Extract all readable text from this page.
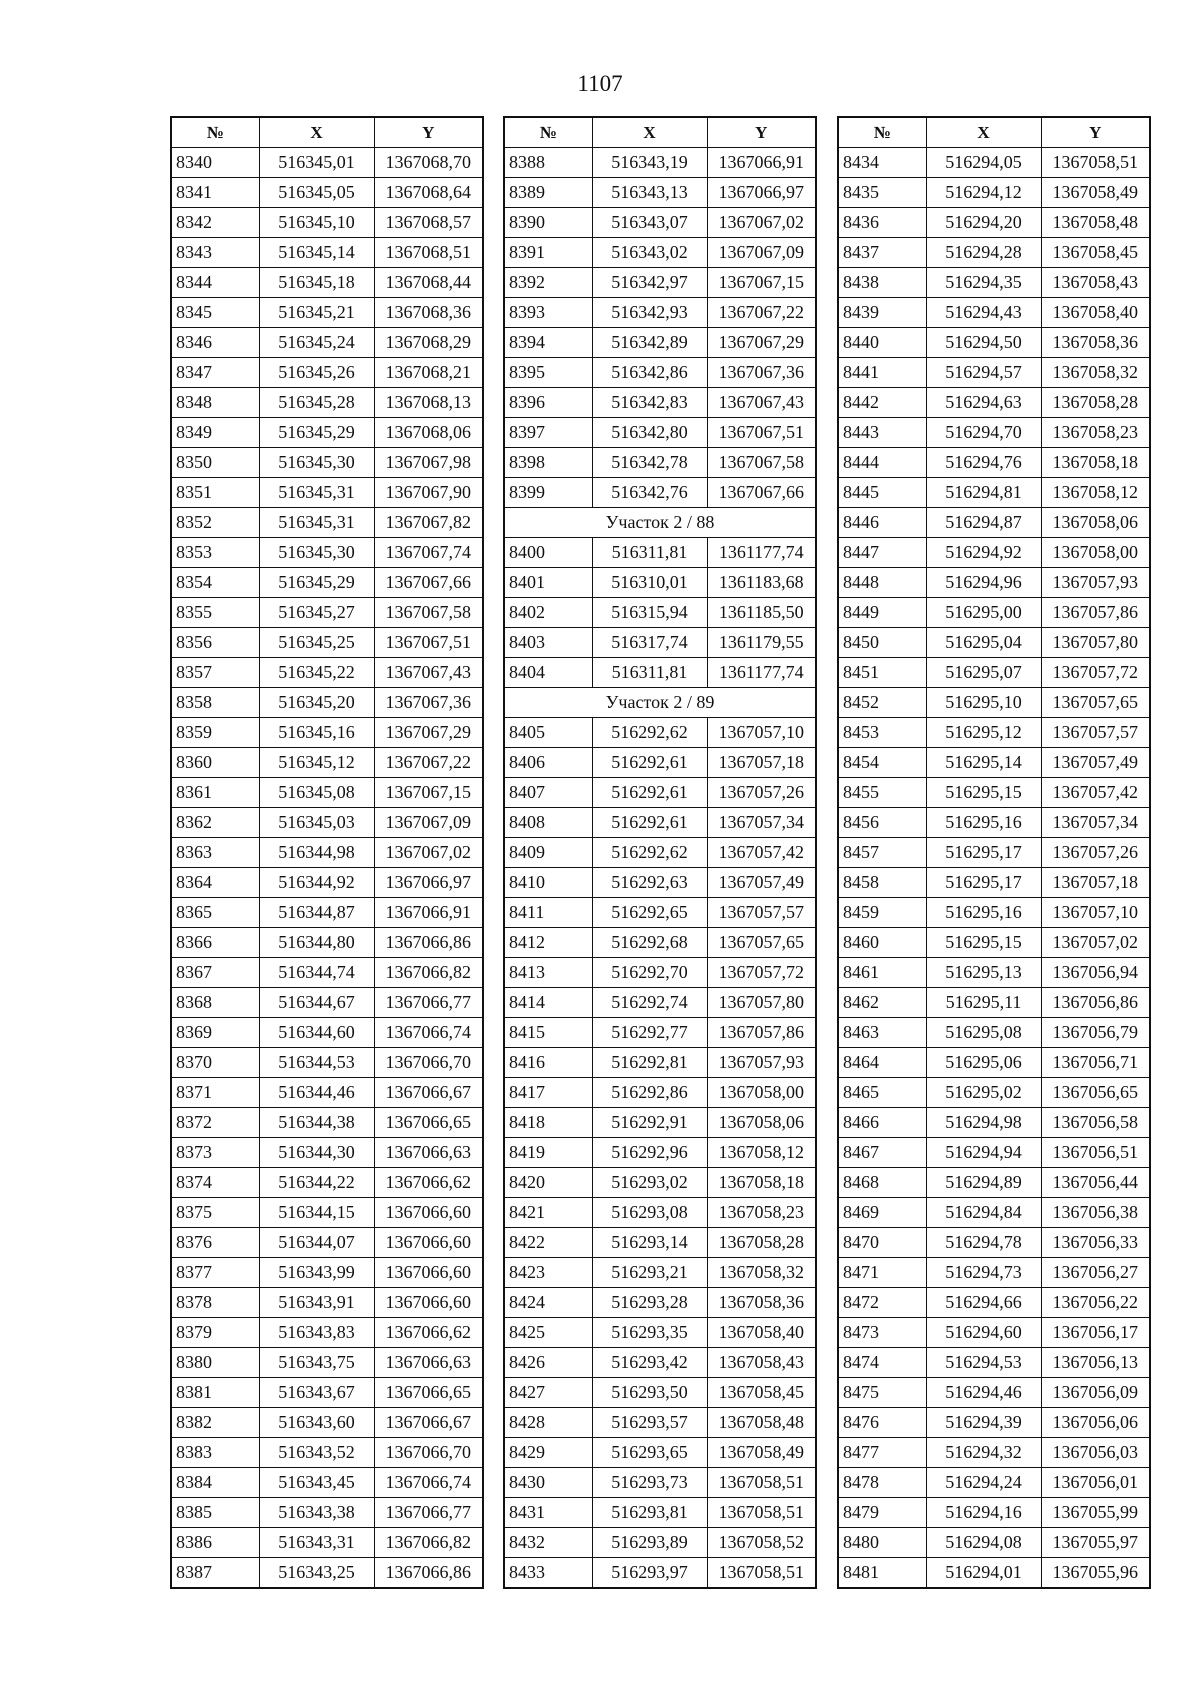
1107
№	X	Y
8340	516345,01	1367068,70
8341	516345,05	1367068,64
8342	516345,10	1367068,57
8343	516345,14	1367068,51
8344	516345,18	1367068,44
8345	516345,21	1367068,36
8346	516345,24	1367068,29
8347	516345,26	1367068,21
8348	516345,28	1367068,13
8349	516345,29	1367068,06
8350	516345,30	1367067,98
8351	516345,31	1367067,90
8352	516345,31	1367067,82
8353	516345,30	1367067,74
8354	516345,29	1367067,66
8355	516345,27	1367067,58
8356	516345,25	1367067,51
8357	516345,22	1367067,43
8358	516345,20	1367067,36
8359	516345,16	1367067,29
8360	516345,12	1367067,22
8361	516345,08	1367067,15
8362	516345,03	1367067,09
8363	516344,98	1367067,02
8364	516344,92	1367066,97
8365	516344,87	1367066,91
8366	516344,80	1367066,86
8367	516344,74	1367066,82
8368	516344,67	1367066,77
8369	516344,60	1367066,74
8370	516344,53	1367066,70
8371	516344,46	1367066,67
8372	516344,38	1367066,65
8373	516344,30	1367066,63
8374	516344,22	1367066,62
8375	516344,15	1367066,60
8376	516344,07	1367066,60
8377	516343,99	1367066,60
8378	516343,91	1367066,60
8379	516343,83	1367066,62
8380	516343,75	1367066,63
8381	516343,67	1367066,65
8382	516343,60	1367066,67
8383	516343,52	1367066,70
8384	516343,45	1367066,74
8385	516343,38	1367066,77
8386	516343,31	1367066,82
8387	516343,25	1367066,86
№	X	Y
8388	516343,19	1367066,91
8389	516343,13	1367066,97
8390	516343,07	1367067,02
8391	516343,02	1367067,09
8392	516342,97	1367067,15
8393	516342,93	1367067,22
8394	516342,89	1367067,29
8395	516342,86	1367067,36
8396	516342,83	1367067,43
8397	516342,80	1367067,51
8398	516342,78	1367067,58
8399	516342,76	1367067,66
Участок 2 / 88		
8400	516311,81	1361177,74
8401	516310,01	1361183,68
8402	516315,94	1361185,50
8403	516317,74	1361179,55
8404	516311,81	1361177,74
Участок 2 / 89		
8405	516292,62	1367057,10
8406	516292,61	1367057,18
8407	516292,61	1367057,26
8408	516292,61	1367057,34
8409	516292,62	1367057,42
8410	516292,63	1367057,49
8411	516292,65	1367057,57
8412	516292,68	1367057,65
8413	516292,70	1367057,72
8414	516292,74	1367057,80
8415	516292,77	1367057,86
8416	516292,81	1367057,93
8417	516292,86	1367058,00
8418	516292,91	1367058,06
8419	516292,96	1367058,12
8420	516293,02	1367058,18
8421	516293,08	1367058,23
8422	516293,14	1367058,28
8423	516293,21	1367058,32
8424	516293,28	1367058,36
8425	516293,35	1367058,40
8426	516293,42	1367058,43
8427	516293,50	1367058,45
8428	516293,57	1367058,48
8429	516293,65	1367058,49
8430	516293,73	1367058,51
8431	516293,81	1367058,51
8432	516293,89	1367058,52
8433	516293,97	1367058,51
№	X	Y
8434	516294,05	1367058,51
8435	516294,12	1367058,49
8436	516294,20	1367058,48
8437	516294,28	1367058,45
8438	516294,35	1367058,43
8439	516294,43	1367058,40
8440	516294,50	1367058,36
8441	516294,57	1367058,32
8442	516294,63	1367058,28
8443	516294,70	1367058,23
8444	516294,76	1367058,18
8445	516294,81	1367058,12
8446	516294,87	1367058,06
8447	516294,92	1367058,00
8448	516294,96	1367057,93
8449	516295,00	1367057,86
8450	516295,04	1367057,80
8451	516295,07	1367057,72
8452	516295,10	1367057,65
8453	516295,12	1367057,57
8454	516295,14	1367057,49
8455	516295,15	1367057,42
8456	516295,16	1367057,34
8457	516295,17	1367057,26
8458	516295,17	1367057,18
8459	516295,16	1367057,10
8460	516295,15	1367057,02
8461	516295,13	1367056,94
8462	516295,11	1367056,86
8463	516295,08	1367056,79
8464	516295,06	1367056,71
8465	516295,02	1367056,65
8466	516294,98	1367056,58
8467	516294,94	1367056,51
8468	516294,89	1367056,44
8469	516294,84	1367056,38
8470	516294,78	1367056,33
8471	516294,73	1367056,27
8472	516294,66	1367056,22
8473	516294,60	1367056,17
8474	516294,53	1367056,13
8475	516294,46	1367056,09
8476	516294,39	1367056,06
8477	516294,32	1367056,03
8478	516294,24	1367056,01
8479	516294,16	1367055,99
8480	516294,08	1367055,97
8481	516294,01	1367055,96
